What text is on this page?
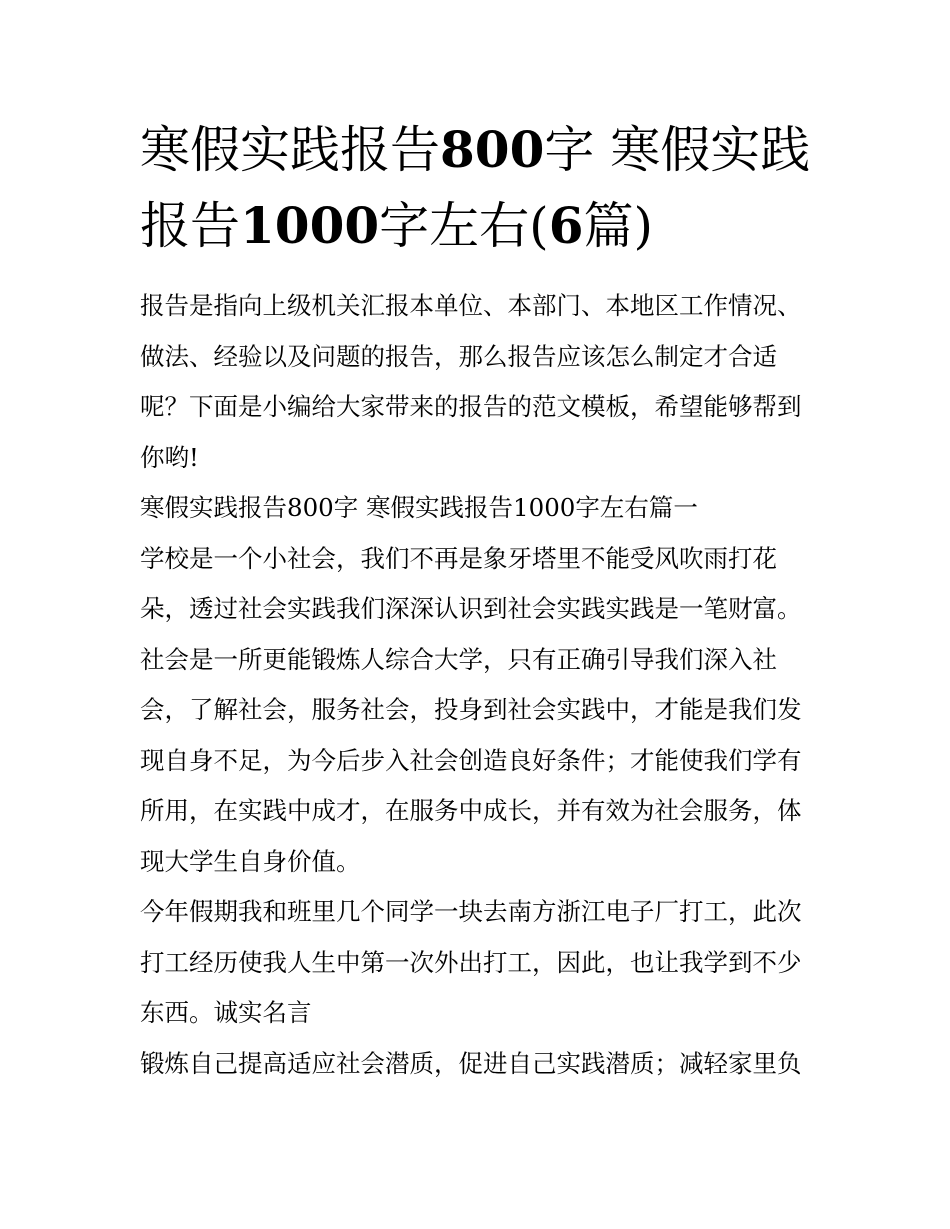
寒假实践报告800字 寒假实践
报告1000字左右(6篇)

报告是指向上级机关汇报本单位、本部门、本地区工作情况、
做法、经验以及问题的报告，那么报告应该怎么制定才合适
呢？下面是小编给大家带来的报告的范文模板，希望能够帮到
你哟!

寒假实践报告800字 寒假实践报告1000字左右篇一

学校是一个小社会，我们不再是象牙塔里不能受风吹雨打花
朵，透过社会实践我们深深认识到社会实践实践是一笔财富。
社会是一所更能锻炼人综合大学，只有正确引导我们深入社
会，了解社会，服务社会，投身到社会实践中，才能是我们发
现自身不足，为今后步入社会创造良好条件；才能使我们学有
所用，在实践中成才，在服务中成长，并有效为社会服务，体
现大学生自身价值。

今年假期我和班里几个同学一块去南方浙江电子厂打工，此次
打工经历使我人生中第一次外出打工，因此，也让我学到不少
东西。诚实名言

锻炼自己提高适应社会潜质，促进自己实践潜质；减轻家里负
